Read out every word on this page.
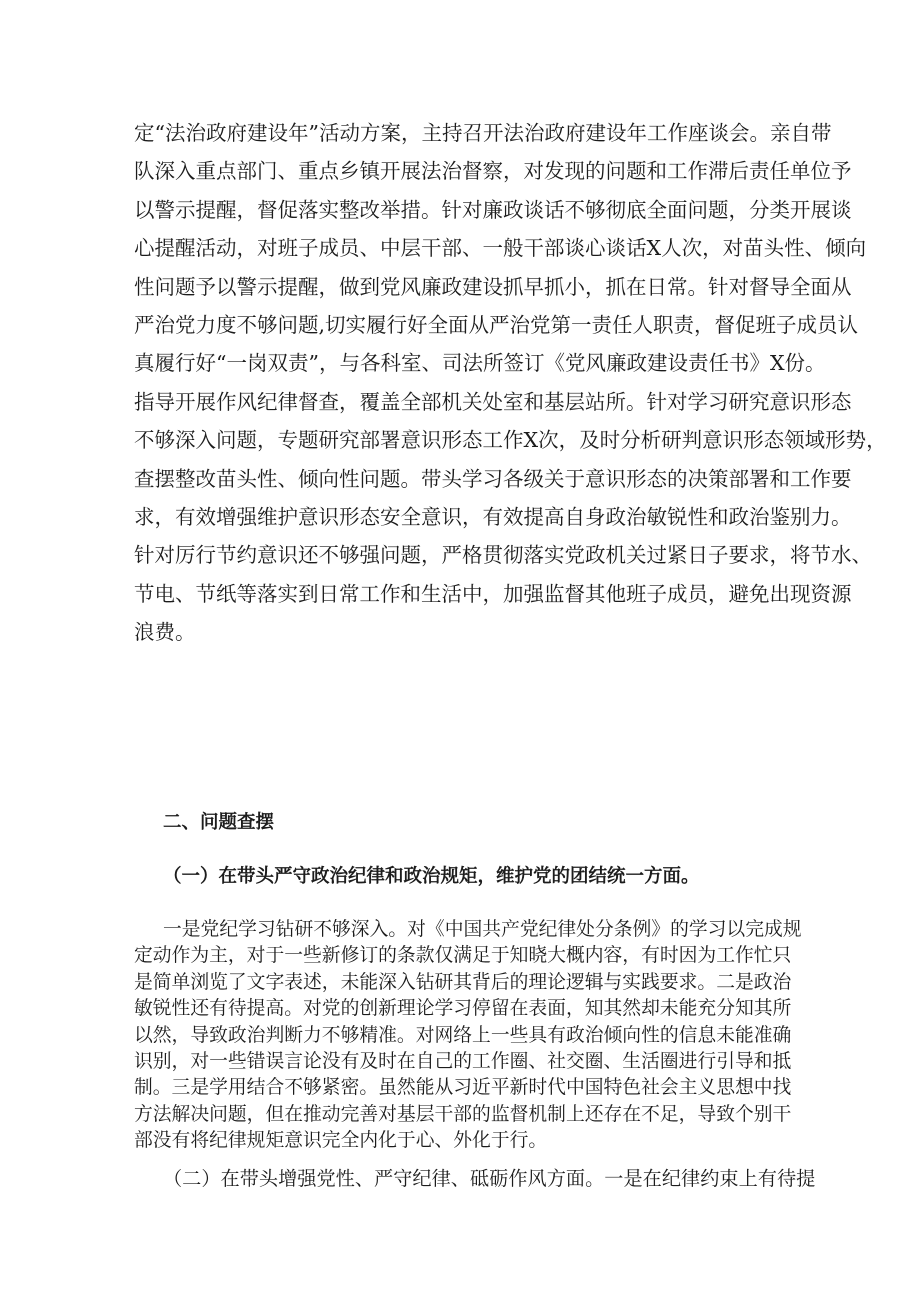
定“法治政府建设年”活动方案，主持召开法治政府建设年工作座谈会。亲自带
队深入重点部门、重点乡镇开展法治督察，对发现的问题和工作滞后责任单位予
以警示提醒，督促落实整改举措。针对廉政谈话不够彻底全面问题，分类开展谈
心提醒活动，对班子成员、中层干部、一般干部谈心谈话X人次，对苗头性、倾向
性问题予以警示提醒，做到党风廉政建设抓早抓小，抓在日常。针对督导全面从
严治党力度不够问题,切实履行好全面从严治党第一责任人职责，督促班子成员认
真履行好“一岗双责”，与各科室、司法所签订《党风廉政建设责任书》X份。
指导开展作风纪律督查，覆盖全部机关处室和基层站所。针对学习研究意识形态
不够深入问题，专题研究部署意识形态工作X次，及时分析研判意识形态领域形势，
查摆整改苗头性、倾向性问题。带头学习各级关于意识形态的决策部署和工作要
求，有效增强维护意识形态安全意识，有效提高自身政治敏锐性和政治鉴别力。
针对厉行节约意识还不够强问题，严格贯彻落实党政机关过紧日子要求，将节水、
节电、节纸等落实到日常工作和生活中，加强监督其他班子成员，避免出现资源
浪费。
二、问题查摆
（一）在带头严守政治纪律和政治规矩，维护党的团结统一方面。
一是党纪学习钻研不够深入。对《中国共产党纪律处分条例》的学习以完成规
定动作为主，对于一些新修订的条款仅满足于知晓大概内容，有时因为工作忙只
是简单浏览了文字表述，未能深入钻研其背后的理论逻辑与实践要求。二是政治
敏锐性还有待提高。对党的创新理论学习停留在表面，知其然却未能充分知其所
以然，导致政治判断力不够精准。对网络上一些具有政治倾向性的信息未能准确
识别，对一些错误言论没有及时在自己的工作圈、社交圈、生活圈进行引导和抵
制。三是学用结合不够紧密。虽然能从习近平新时代中国特色社会主义思想中找
方法解决问题，但在推动完善对基层干部的监督机制上还存在不足，导致个别干
部没有将纪律规矩意识完全内化于心、外化于行。
（二）在带头增强党性、严守纪律、砥砺作风方面。一是在纪律约束上有待提
